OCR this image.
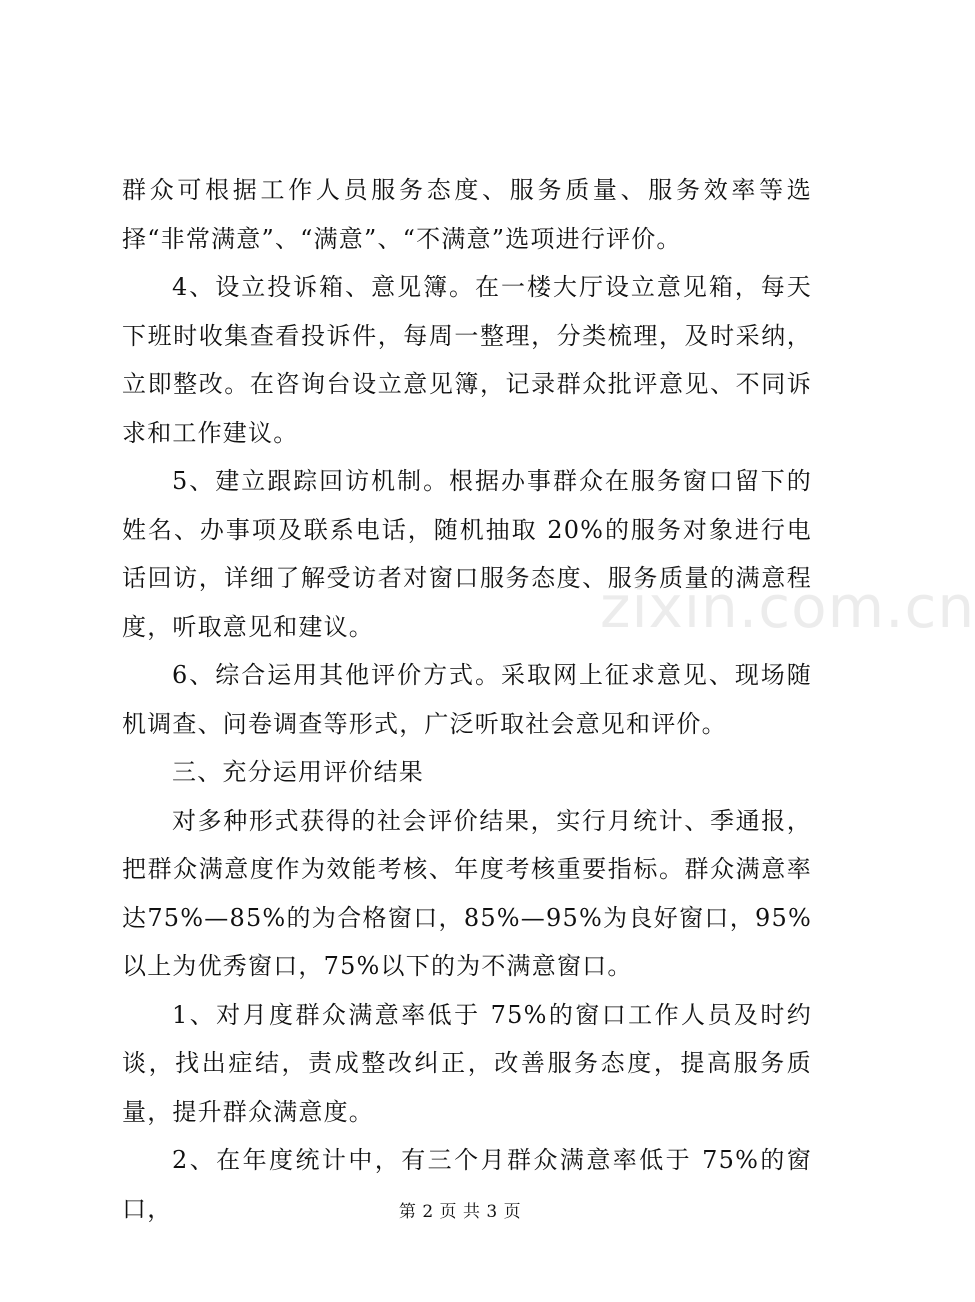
群众可根据工作人员服务态度、服务质量、服务效率等选择“非常满意”、“满意”、“不满意”选项进行评价。

4、设立投诉箱、意见簿。在一楼大厅设立意见箱，每天下班时收集查看投诉件，每周一整理，分类梳理，及时采纳，立即整改。在咨询台设立意见簿，记录群众批评意见、不同诉求和工作建议。

5、建立跟踪回访机制。根据办事群众在服务窗口留下的姓名、办事项及联系电话，随机抽取 20%的服务对象进行电话回访，详细了解受访者对窗口服务态度、服务质量的满意程度，听取意见和建议。

6、综合运用其他评价方式。采取网上征求意见、现场随机调查、问卷调查等形式，广泛听取社会意见和评价。

三、充分运用评价结果

对多种形式获得的社会评价结果，实行月统计、季通报，把群众满意度作为效能考核、年度考核重要指标。群众满意率达75%—85%的为合格窗口，85%—95%为良好窗口，95%以上为优秀窗口，75%以下的为不满意窗口。

1、对月度群众满意率低于 75%的窗口工作人员及时约谈，找出症结，责成整改纠正，改善服务态度，提高服务质量，提升群众满意度。

2、在年度统计中，有三个月群众满意率低于 75%的窗口，

zixin.com.cn
第 2 页 共 3 页
